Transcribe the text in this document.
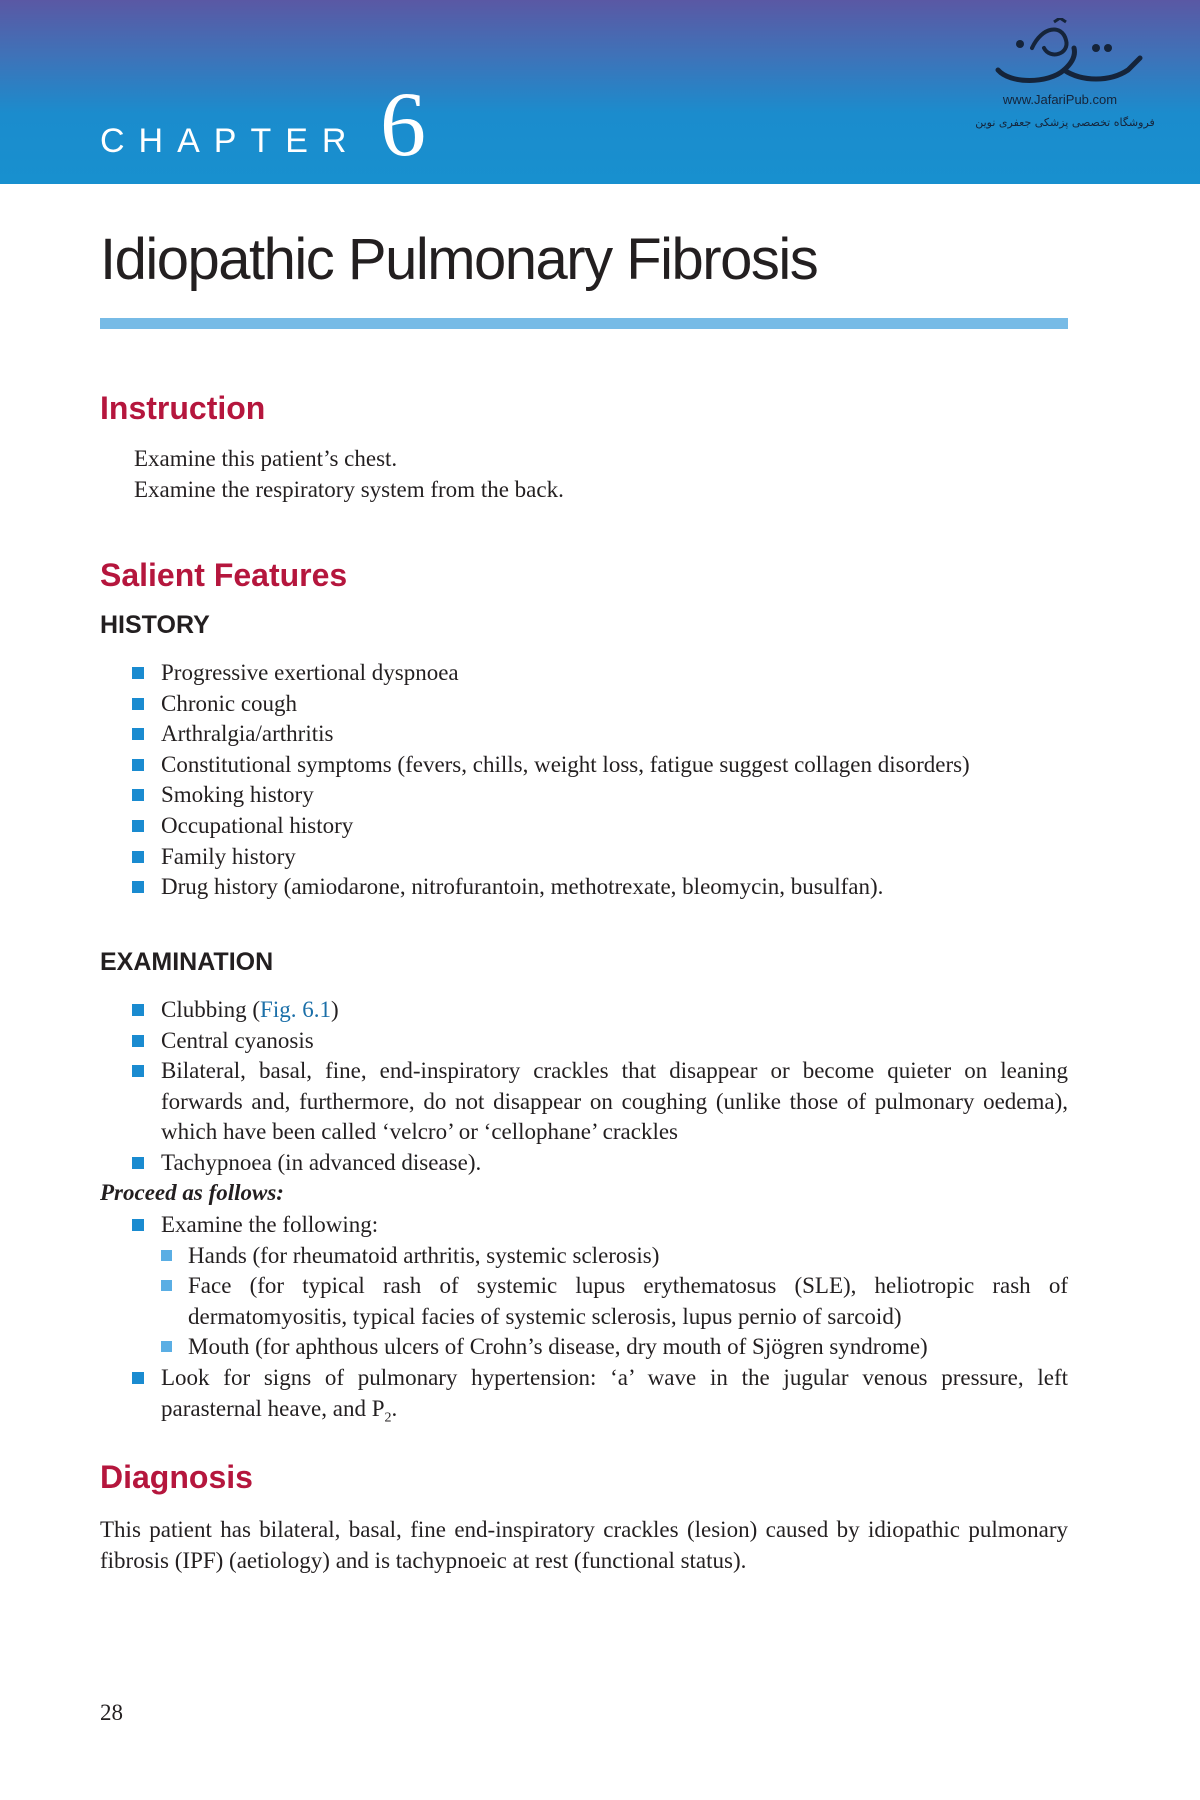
CHAPTER 6	www.JafariPub.com
فروشگاه تخصصی پزشکی جعفری نوین
Idiopathic Pulmonary Fibrosis
Instruction
Examine this patient’s chest.
Examine the respiratory system from the back.
Salient Features
HISTORY
Progressive exertional dyspnoea
Chronic cough
Arthralgia/arthritis
Constitutional symptoms (fevers, chills, weight loss, fatigue suggest collagen disorders)
Smoking history
Occupational history
Family history
Drug history (amiodarone, nitrofurantoin, methotrexate, bleomycin, busulfan).
EXAMINATION
Clubbing (Fig. 6.1)
Central cyanosis
Bilateral, basal, fine, end-inspiratory crackles that disappear or become quieter on leaning forwards and, furthermore, do not disappear on coughing (unlike those of pulmonary oedema), which have been called ‘velcro’ or ‘cellophane’ crackles
Tachypnoea (in advanced disease).

Proceed as follows:

Examine the following:
Hands (for rheumatoid arthritis, systemic sclerosis)
Face (for typical rash of systemic lupus erythematosus (SLE), heliotropic rash of dermatomyositis, typical facies of systemic sclerosis, lupus pernio of sarcoid)
Mouth (for aphthous ulcers of Crohn’s disease, dry mouth of Sjögren syndrome)
Look for signs of pulmonary hypertension: ‘a’ wave in the jugular venous pressure, left parasternal heave, and $P_2$.
Diagnosis

This patient has bilateral, basal, fine end-inspiratory crackles (lesion) caused by idiopathic pulmonary fibrosis (IPF) (aetiology) and is tachypnoeic at rest (functional status).

28
